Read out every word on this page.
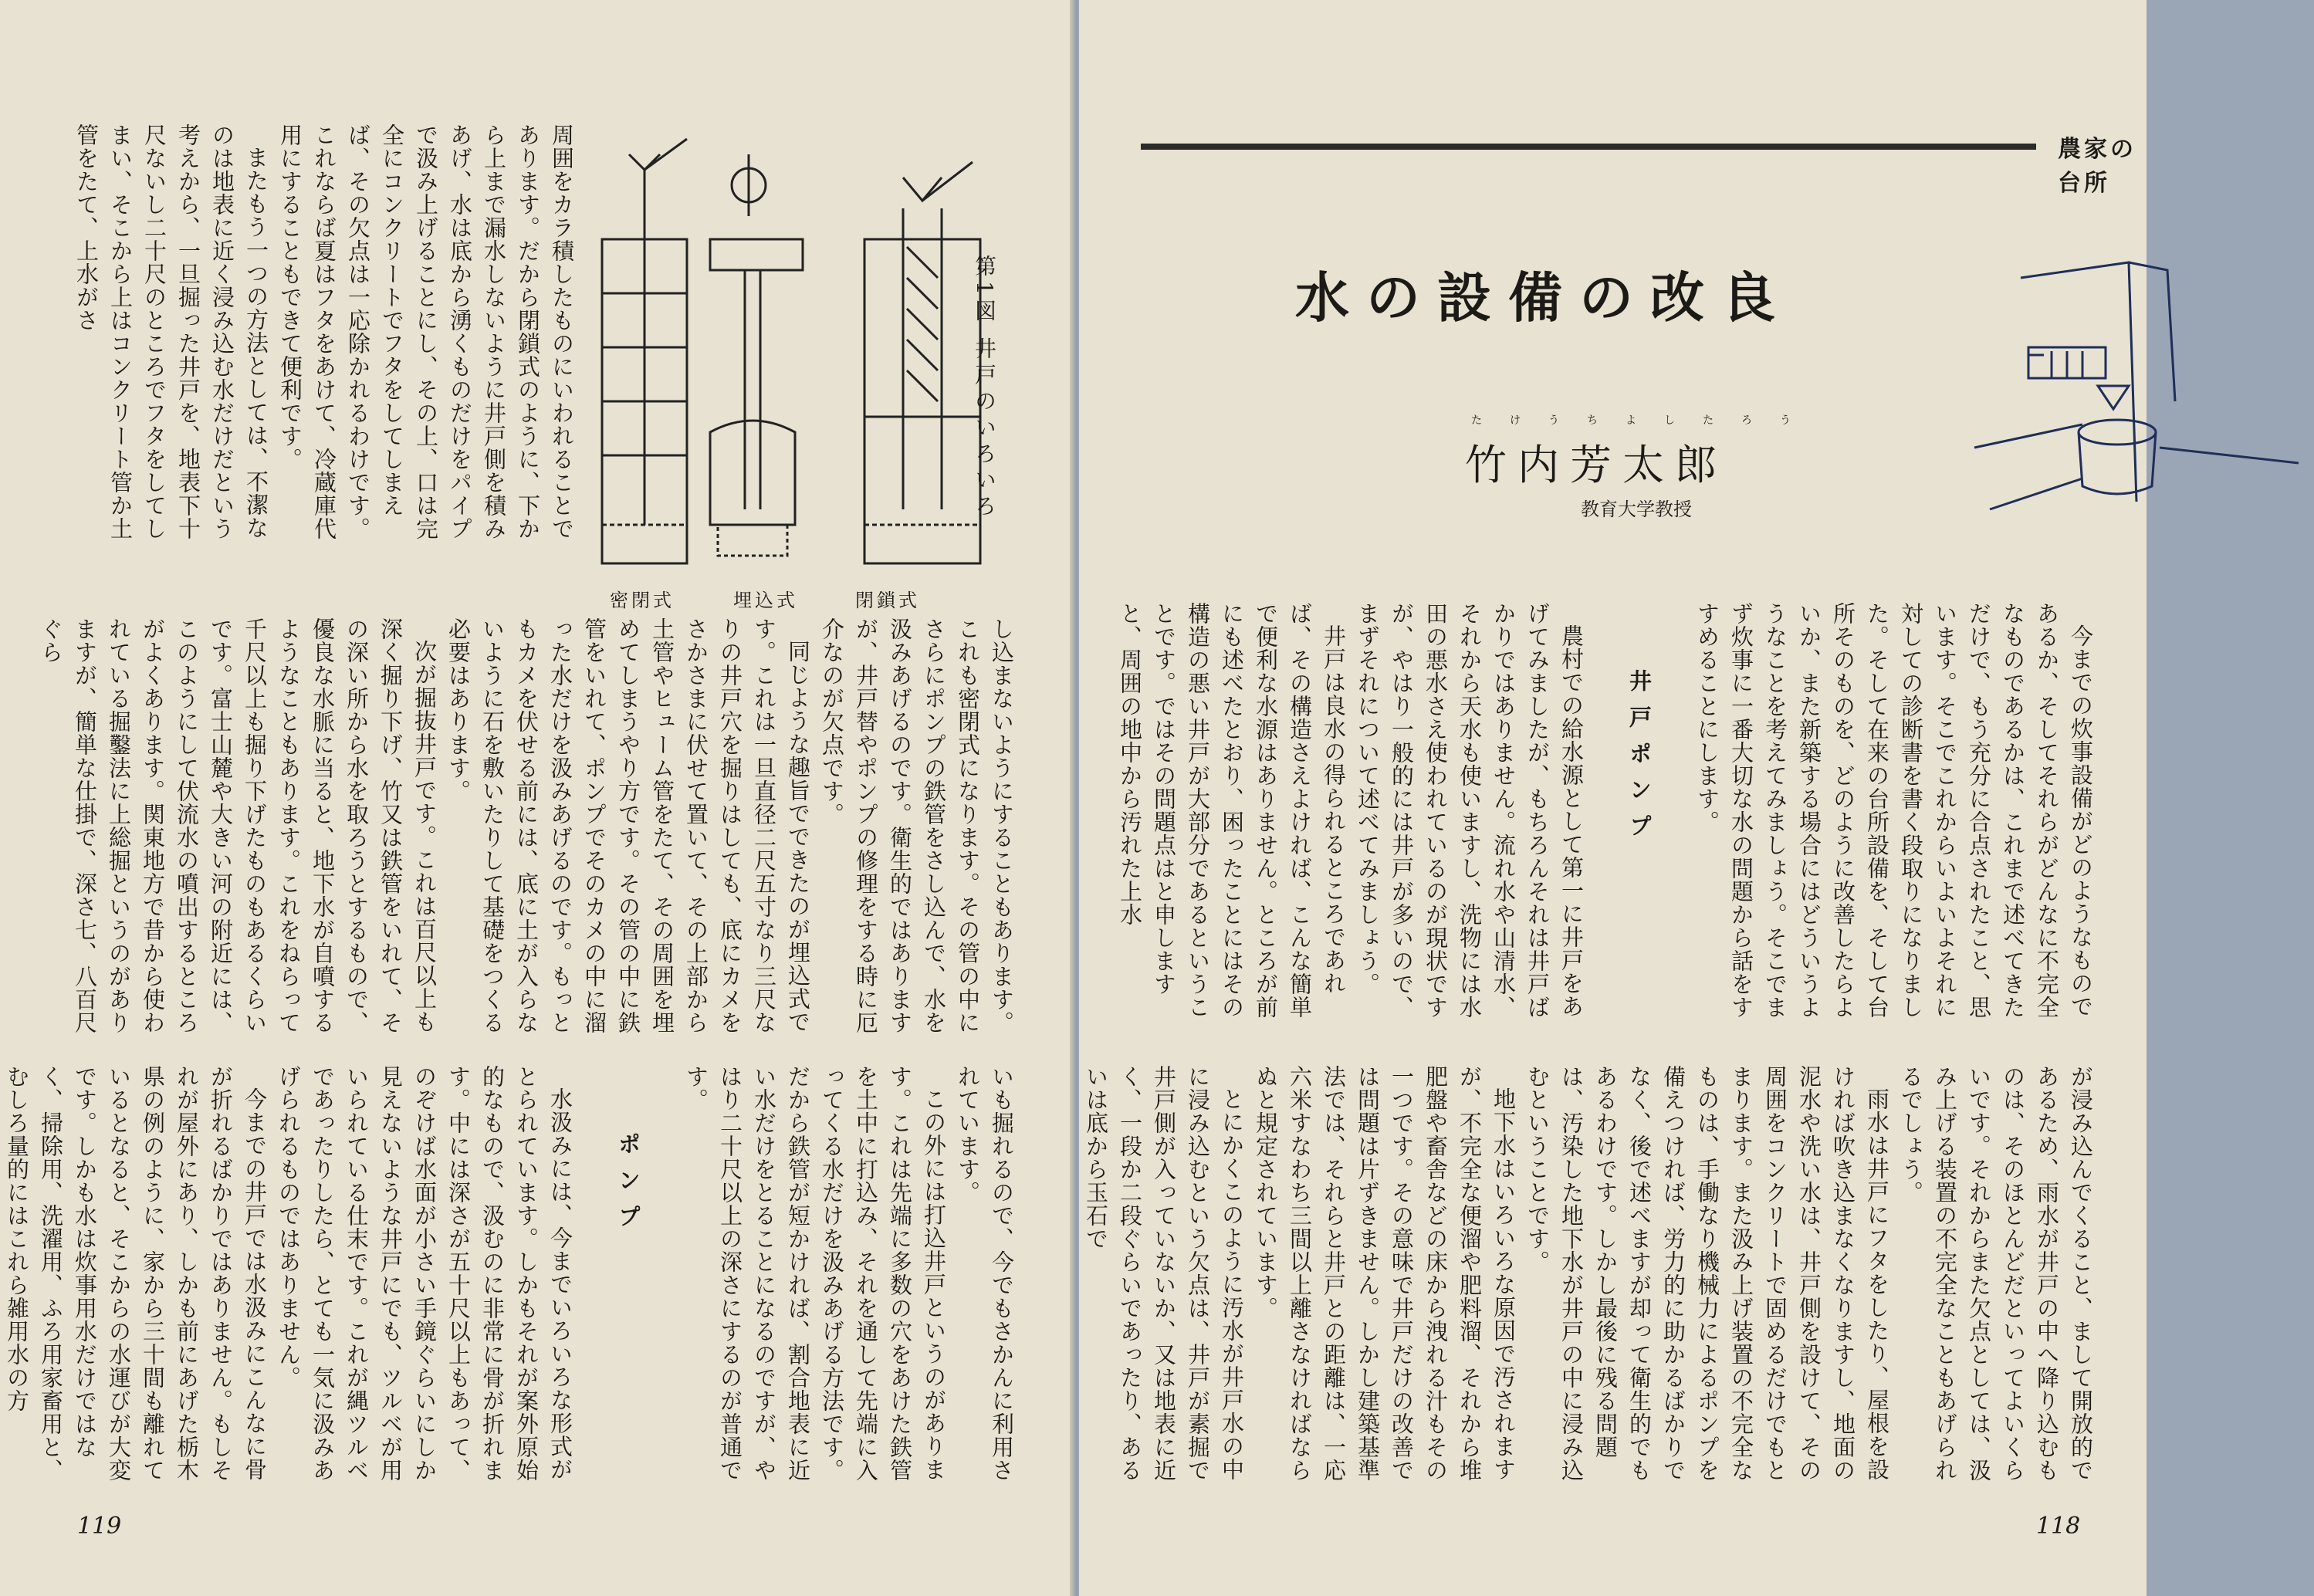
周囲をカラ積したものにいわれることであります。だから閉鎖式のように、下から上まで漏水しないように井戸側を積みあげ、水は底から湧くものだけをパイプで汲み上げることにし、その上、口は完全にコンクリートでフタをしてしまえば、その欠点は一応除かれるわけです。これならば夏はフタをあけて、冷蔵庫代用にすることもできて便利です。

またもう一つの方法としては、不潔なのは地表に近く浸み込む水だけだという考えから、一旦掘った井戸を、地表下十尺ないし二十尺のところでフタをしてしまい、そこから上はコンクリート管か土管をたて、上水がさ

第1図 井戸のいろいろ
密閉式	埋込式	閉鎖式

し込まないようにすることもあります。これも密閉式になります。その管の中にさらにポンプの鉄管をさし込んで、水を汲みあげるのです。衛生的ではありますが、井戸替やポンプの修理をする時に厄介なのが欠点です。

同じような趣旨でできたのが埋込式です。これは一旦直径二尺五寸なり三尺なりの井戸穴を掘りはしても、底にカメをさかさまに伏せて置いて、その上部から土管やヒューム管をたて、その周囲を埋めてしまうやり方です。その管の中に鉄管をいれて、ポンプでそのカメの中に溜った水だけを汲みあげるのです。もっともカメを伏せる前には、底に土が入らないように石を敷いたりして基礎をつくる必要はあります。

次が掘抜井戸です。これは百尺以上も深く掘り下げ、竹又は鉄管をいれて、その深い所から水を取ろうとするもので、優良な水脈に当ると、地下水が自噴するようなこともあります。これをねらって千尺以上も掘り下げたものもあるくらいです。富士山麓や大きい河の附近には、このようにして伏流水の噴出するところがよくあります。関東地方で昔から使われている掘鑿法に上総掘というのがありますが、簡単な仕掛で、深さ七、八百尺ぐら

いも掘れるので、今でもさかんに利用されています。

この外には打込井戸というのがあります。これは先端に多数の穴をあけた鉄管を土中に打込み、それを通して先端に入ってくる水だけを汲みあげる方法です。だから鉄管が短かければ、割合地表に近い水だけをとることになるのですが、やはり二十尺以上の深さにするのが普通です。

ポンプ

水汲みには、今までいろいろな形式がとられています。しかもそれが案外原始的なもので、汲むのに非常に骨が折れます。中には深さが五十尺以上もあって、のぞけば水面が小さい手鏡ぐらいにしか見えないような井戸にでも、ツルベが用いられている仕末です。これが縄ツルベであったりしたら、とても一気に汲みあげられるものではありません。

今までの井戸では水汲みにこんなに骨が折れるばかりではありません。もしそれが屋外にあり、しかも前にあげた栃木県の例のように、家から三十間も離れているとなると、そこからの水運びが大変です。しかも水は炊事用水だけではなく、掃除用、洗濯用、ふろ用家畜用と、むしろ量的にはこれら雑用水の方

119
農家の台所
水の設備の改良
たけうちよしたろう
竹内芳太郎
教育大学教授

今までの炊事設備がどのようなものであるか、そしてそれらがどんなに不完全なものであるかは、これまで述べてきただけで、もう充分に合点されたこと、思います。そこでこれからいよいよそれに対しての診断書を書く段取りになりました。そして在来の台所設備を、そして台所そのものを、どのように改善したらよいか、また新築する場合にはどういうようなことを考えてみましょう。そこでまず炊事に一番大切な水の問題から話をすすめることにします。

井戸ポンプ

農村での給水源として第一に井戸をあげてみましたが、もちろんそれは井戸ばかりではありません。流れ水や山清水、それから天水も使いますし、洗物には水田の悪水さえ使われているのが現状ですが、やはり一般的には井戸が多いので、まずそれについて述べてみましょう。

井戸は良水の得られるところであれば、その構造さえよければ、こんな簡単で便利な水源はありません。ところが前にも述べたとおり、困ったことにはその構造の悪い井戸が大部分であるということです。ではその問題点はと申しますと、周囲の地中から汚れた上水

が浸み込んでくること、まして開放的であるため、雨水が井戸の中へ降り込むものは、そのほとんどだといってよいくらいです。それからまた欠点としては、汲み上げる装置の不完全なこともあげられるでしょう。

雨水は井戸にフタをしたり、屋根を設ければ吹き込まなくなりますし、地面の泥水や洗い水は、井戸側を設けて、その周囲をコンクリートで固めるだけでもとまります。また汲み上げ装置の不完全なものは、手働なり機械力によるポンプを備えつければ、労力的に助かるばかりでなく、後で述べますが却って衛生的でもあるわけです。しかし最後に残る問題は、汚染した地下水が井戸の中に浸み込むということです。

地下水はいろいろな原因で汚されますが、不完全な便溜や肥料溜、それから堆肥盤や畜舎などの床から洩れる汁もその一つです。その意味で井戸だけの改善では問題は片ずきません。しかし建築基準法では、それらと井戸との距離は、一応六米すなわち三間以上離さなければならぬと規定されています。

とにかくこのように汚水が井戸水の中に浸み込むという欠点は、井戸が素掘で井戸側が入っていないか、又は地表に近く、一段か二段ぐらいであったり、あるいは底から玉石で

118
